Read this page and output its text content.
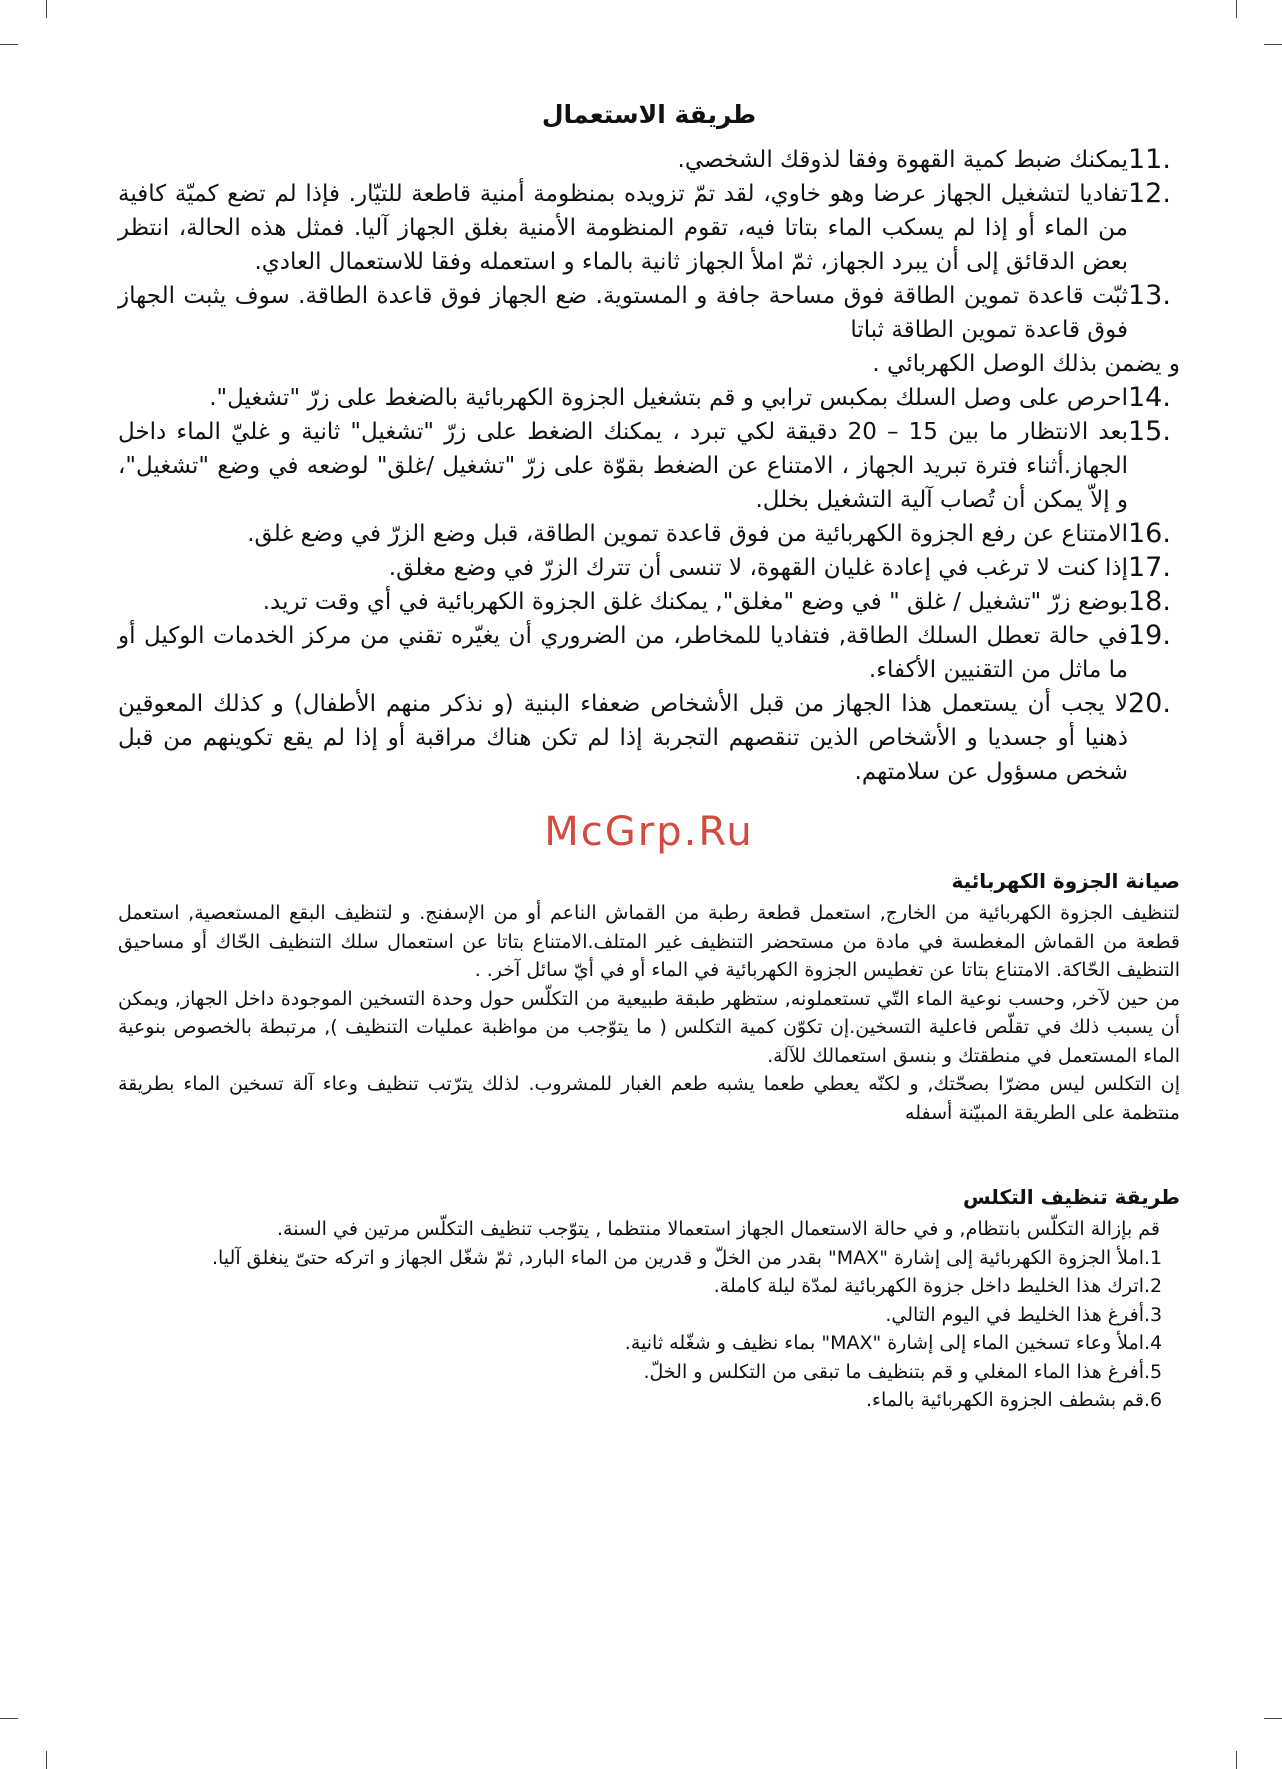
طريقة الاستعمال
11.
يمكنك ضبط كمية القهوة وفقا لذوقك الشخصي.
12.
تفاديا لتشغيل الجهاز عرضا وهو خاوي، لقد تمّ تزويده بمنظومة أمنية قاطعة للتيّار. فإذا لم تضع كميّة كافية من الماء أو إذا لم يسكب الماء بتاتا فيه، تقوم المنظومة الأمنية بغلق الجهاز آليا. فمثل هذه الحالة، انتظر بعض الدقائق إلى أن يبرد الجهاز، ثمّ املأ الجهاز ثانية بالماء و استعمله وفقا للاستعمال العادي.
13.
ثبّت قاعدة تموين الطاقة فوق مساحة جافة و المستوية. ضع الجهاز فوق قاعدة الطاقة. سوف يثبت الجهاز فوق قاعدة تموين الطاقة ثباتا
و يضمن بذلك الوصل الكهربائي .
14.
احرص على وصل السلك بمكبس ترابي و قم بتشغيل الجزوة الكهربائية بالضغط على زرّ "تشغيل".
15.
بعد الانتظار ما بين 15 – 20 دقيقة لكي تبرد ، يمكنك الضغط على زرّ "تشغيل" ثانية و غليّ الماء داخل الجهاز.أثناء فترة تبريد الجهاز ، الامتناع عن الضغط بقوّة على زرّ "تشغيل /غلق" لوضعه في وضع "تشغيل"، و إلاّ يمكن أن تُصاب آلية التشغيل بخلل.
16.
الامتناع عن رفع الجزوة الكهربائية من فوق قاعدة تموين الطاقة، قبل وضع الزرّ في وضع غلق.
17.
إذا كنت لا ترغب في إعادة غليان القهوة، لا تنسى أن تترك الزرّ في وضع مغلق.
18.
بوضع زرّ "تشغيل / غلق " في وضع "مغلق", يمكنك غلق الجزوة الكهربائية في أي وقت تريد.
19.
في حالة تعطل السلك الطاقة, فتفاديا للمخاطر، من الضروري أن يغيّره تقني من مركز الخدمات الوكيل أو ما ماثل من التقنيين الأكفاء.
20.
لا يجب أن يستعمل هذا الجهاز من قبل الأشخاص ضعفاء البنية (و نذكر منهم الأطفال) و كذلك المعوقين ذهنيا أو جسديا و الأشخاص الذين تنقصهم التجربة إذا لم تكن هناك مراقبة أو إذا لم يقع تكوينهم من قبل شخص مسؤول عن سلامتهم.
McGrp.Ru
صيانة الجزوة الكهربائية

لتنظيف الجزوة الكهربائية من الخارج, استعمل قطعة رطبة من القماش الناعم أو من الإسفنج. و لتنظيف البقع المستعصية, استعمل قطعة من القماش المغطسة في مادة من مستحضر التنظيف غير المتلف.الامتناع بتاتا عن استعمال سلك التنظيف الحّاك أو مساحيق التنظيف الحّاكة. الامتناع بتاتا عن تغطيس الجزوة الكهربائية في الماء أو في أيّ سائل آخر. .

من حين لآخر, وحسب نوعية الماء التّي تستعملونه, ستظهر طبقة طبيعية من التكلّس حول وحدة التسخين الموجودة داخل الجهاز, ويمكن أن يسبب ذلك في تقلّص فاعلية التسخين.إن تكوّن كمية التكلس ( ما يتوّجب من مواظبة عمليات التنظيف ), مرتبطة بالخصوص بنوعية الماء المستعمل في منطقتك و بنسق استعمالك للآلة.

إن التكلس ليس مضرّا بصحّتك, و لكنّه يعطي طعما يشبه طعم الغبار للمشروب. لذلك يترّتب تنظيف وعاء آلة تسخين الماء بطريقة منتظمة على الطريقة المبيّنة أسفله

طريقة تنظيف التكلس
قم بإزالة التكلّس بانتظام, و في حالة الاستعمال الجهاز استعمالا منتظما , يتوّجب تنظيف التكلّس مرتين في السنة.
.1
املأ الجزوة الكهربائية إلى إشارة "MAX" بقدر من الخلّ و قدرين من الماء البارد, ثمّ شغّل الجهاز و اتركه حتىّ ينغلق آليا.
.2
اترك هذا الخليط داخل جزوة الكهربائية لمدّة ليلة كاملة.
.3
أفرغ هذا الخليط في اليوم التالي.
.4
املأ وعاء تسخين الماء إلى إشارة "MAX" بماء نظيف و شغّله ثانية.
.5
أفرغ هذا الماء المغلي و قم بتنظيف ما تبقى من التكلس و الخلّ.
.6
قم بشطف الجزوة الكهربائية بالماء.
